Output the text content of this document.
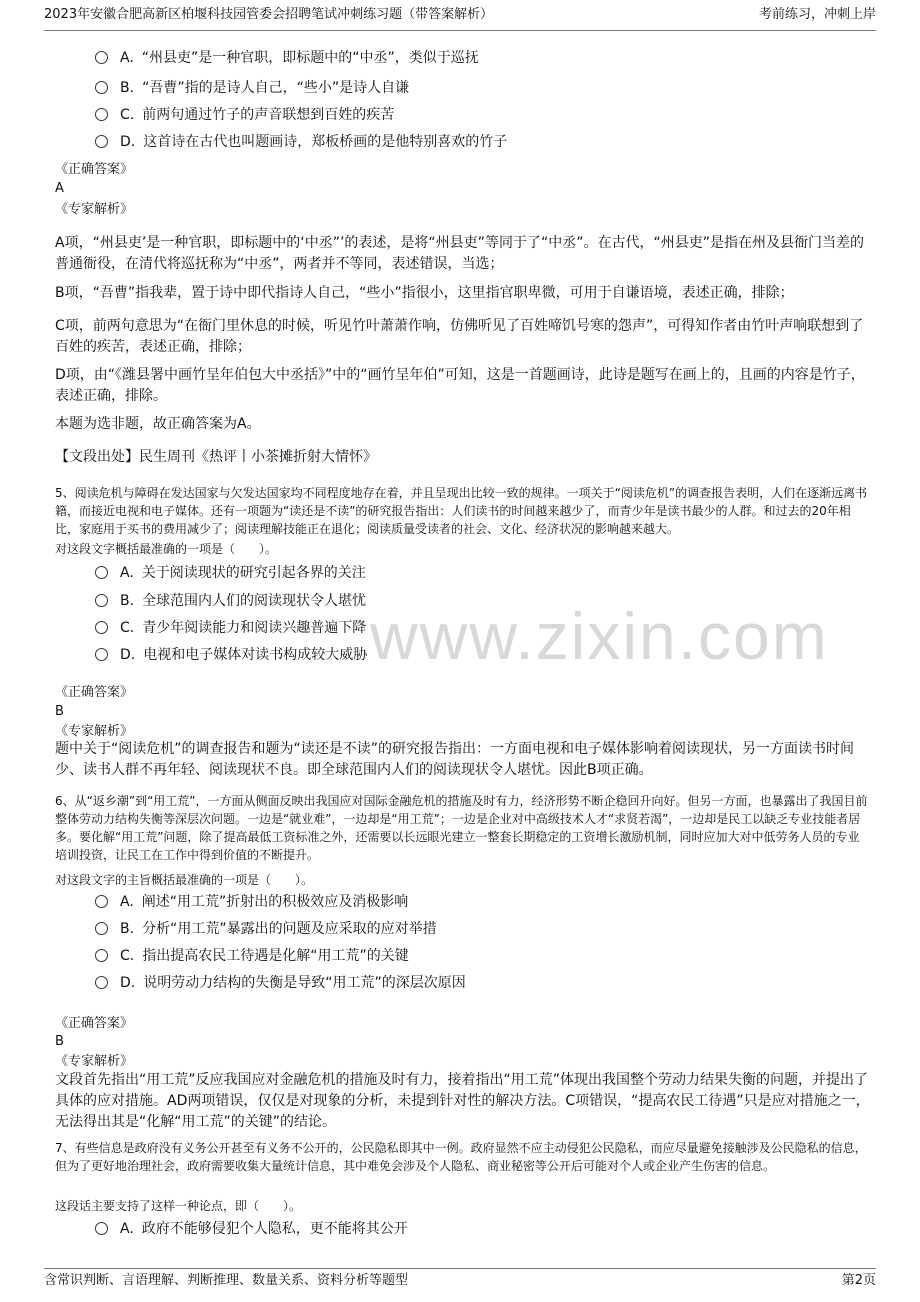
2023年安徽合肥高新区柏堰科技园管委会招聘笔试冲刺练习题（带答案解析）	考前练习，冲刺上岸
www.zixin.com
A. “州县吏”是一种官职，即标题中的“中丞”，类似于巡抚
B. “吾曹”指的是诗人自己，“些小”是诗人自谦
C. 前两句通过竹子的声音联想到百姓的疾苦
D. 这首诗在古代也叫题画诗，郑板桥画的是他特别喜欢的竹子
《正确答案》
A
《专家解析》
A项，“州县吏’是一种官职，即标题中的‘中丞”’的表述，是将“州县吏”等同于了“中丞”。在古代，“州县吏”是指在州及县衙门当差的普通衙役，在清代将巡抚称为“中丞”，两者并不等同，表述错误，当选；
B项，“吾曹”指我辈，置于诗中即代指诗人自己，“些小”指很小，这里指官职卑微，可用于自谦语境，表述正确，排除；
C项，前两句意思为“在衙门里休息的时候，听见竹叶萧萧作响，仿佛听见了百姓啼饥号寒的怨声”，可得知作者由竹叶声响联想到了百姓的疾苦，表述正确，排除；
D项，由“《潍县署中画竹呈年伯包大中丞括》”中的“画竹呈年伯”可知，这是一首题画诗，此诗是题写在画上的，且画的内容是竹子，表述正确，排除。
本题为选非题，故正确答案为A。
【文段出处】民生周刊《热评丨小茶摊折射大情怀》
5、阅读危机与障碍在发达国家与欠发达国家均不同程度地存在着，并且呈现出比较一致的规律。一项关于“阅读危机”的调查报告表明，人们在逐渐远离书籍，而接近电视和电子媒体。还有一项题为“读还是不读”的研究报告指出：人们读书的时间越来越少了，而青少年是读书最少的人群。和过去的20年相比，家庭用于买书的费用减少了；阅读理解技能正在退化；阅读质量受读者的社会、文化、经济状况的影响越来越大。
对这段文字概括最准确的一项是（　　）。
A. 关于阅读现状的研究引起各界的关注
B. 全球范围内人们的阅读现状令人堪忧
C. 青少年阅读能力和阅读兴趣普遍下降
D. 电视和电子媒体对读书构成较大威胁
《正确答案》
B
《专家解析》
题中关于“阅读危机”的调查报告和题为“读还是不读”的研究报告指出：一方面电视和电子媒体影响着阅读现状，另一方面读书时间少、读书人群不再年轻、阅读现状不良。即全球范围内人们的阅读现状令人堪忧。因此B项正确。
6、从“返乡潮”到“用工荒”，一方面从侧面反映出我国应对国际金融危机的措施及时有力，经济形势不断企稳回升向好。但另一方面，也暴露出了我国目前整体劳动力结构失衡等深层次问题。一边是“就业难”，一边却是“用工荒”；一边是企业对中高级技术人才“求贤若渴”，一边却是民工以缺乏专业技能者居多。要化解“用工荒”问题，除了提高最低工资标准之外，还需要以长远眼光建立一整套长期稳定的工资增长激励机制，同时应加大对中低劳务人员的专业培训投资，让民工在工作中得到价值的不断提升。
对这段文字的主旨概括最准确的一项是（　　）。
A. 阐述“用工荒”折射出的积极效应及消极影响
B. 分析“用工荒”暴露出的问题及应采取的应对举措
C. 指出提高农民工待遇是化解“用工荒”的关键
D. 说明劳动力结构的失衡是导致“用工荒”的深层次原因
《正确答案》
B
《专家解析》
文段首先指出“用工荒”反应我国应对金融危机的措施及时有力，接着指出“用工荒”体现出我国整个劳动力结果失衡的问题，并提出了具体的应对措施。AD两项错误，仅仅是对现象的分析，未提到针对性的解决方法。C项错误，“提高农民工待遇”只是应对措施之一，无法得出其是“化解“用工荒”的关键”的结论。
7、有些信息是政府没有义务公开甚至有义务不公开的，公民隐私即其中一例。政府显然不应主动侵犯公民隐私，而应尽量避免接触涉及公民隐私的信息，但为了更好地治理社会，政府需要收集大量统计信息，其中难免会涉及个人隐私、商业秘密等公开后可能对个人或企业产生伤害的信息。
这段话主要支持了这样一种论点，即（　　）。
A. 政府不能够侵犯个人隐私，更不能将其公开
含常识判断、言语理解、判断推理、数量关系、资料分析等题型	第2页
